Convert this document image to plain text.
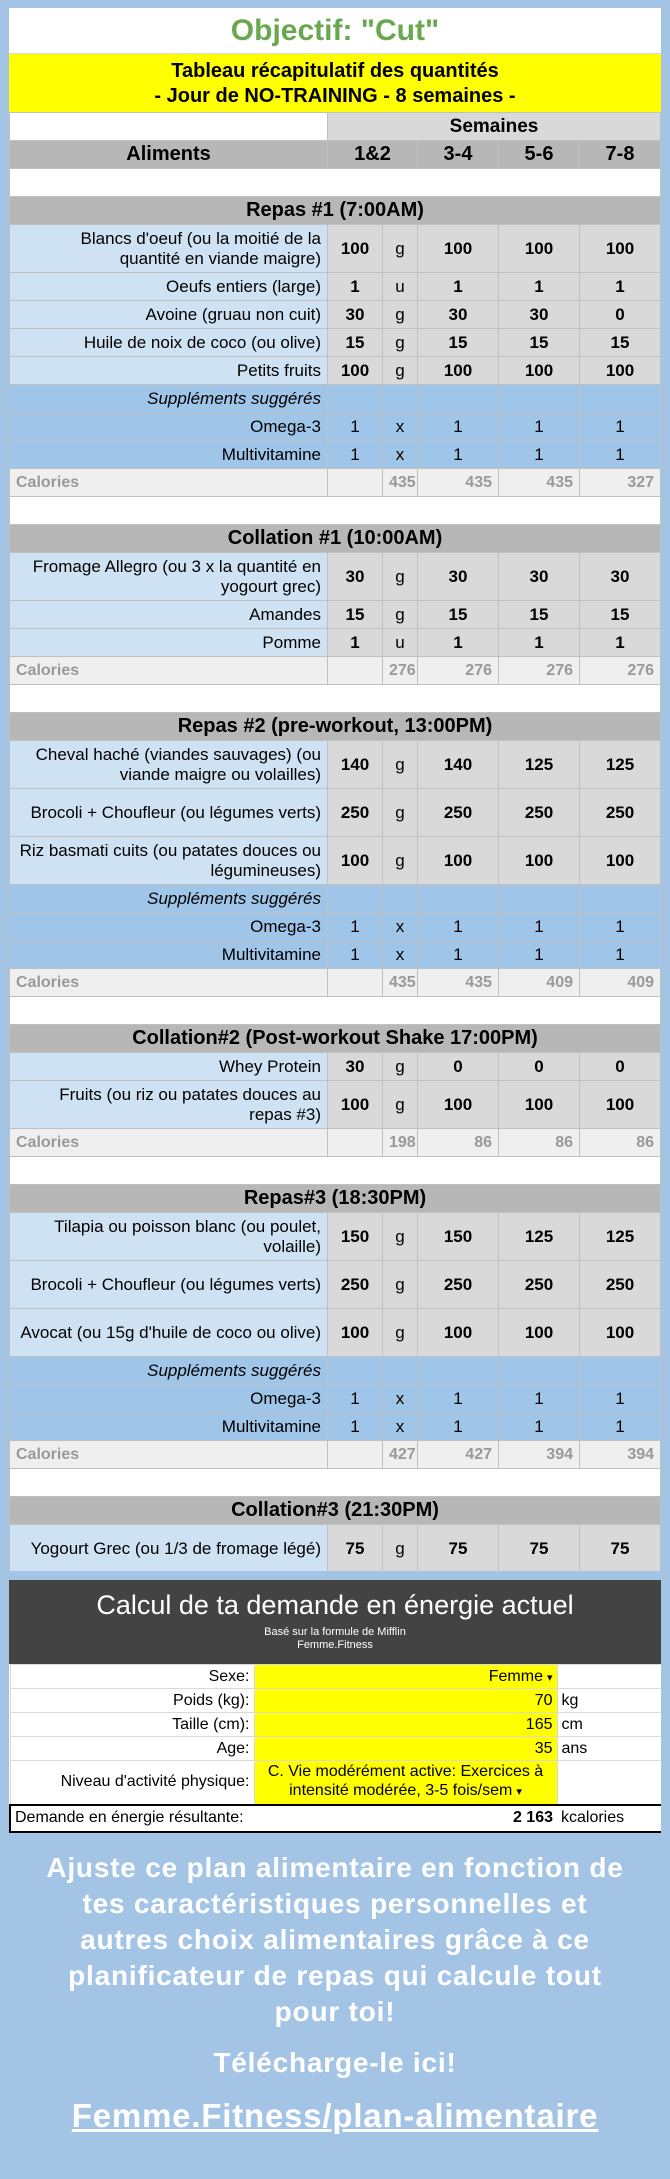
Objectif: "Cut"
Tableau récapitulatif des quantités
- Jour de NO-TRAINING - 8 semaines -
	Semaines				
Aliments	1&2		3-4	5-6	7-8

Repas #1 (7:00AM)					
Blancs d'oeuf (ou la moitié de la quantité en viande maigre)	100	g	100	100	100
Oeufs entiers (large)	1	u	1	1	1
Avoine (gruau non cuit)	30	g	30	30	0
Huile de noix de coco (ou olive)	15	g	15	15	15
Petits fruits	100	g	100	100	100
Suppléments suggérés					
Omega-3	1	x	1	1	1
Multivitamine	1	x	1	1	1
Calories		435	435	435	327

Collation #1 (10:00AM)					
Fromage Allegro (ou 3 x la quantité en yogourt grec)	30	g	30	30	30
Amandes	15	g	15	15	15
Pomme	1	u	1	1	1
Calories		276	276	276	276

Repas #2 (pre-workout, 13:00PM)					
Cheval haché (viandes sauvages) (ou viande maigre ou volailles)	140	g	140	125	125
Brocoli + Choufleur (ou légumes verts)	250	g	250	250	250
Riz basmati cuits (ou patates douces ou légumineuses)	100	g	100	100	100
Suppléments suggérés					
Omega-3	1	x	1	1	1
Multivitamine	1	x	1	1	1
Calories		435	435	409	409

Collation#2 (Post-workout Shake 17:00PM)					
Whey Protein	30	g	0	0	0
Fruits (ou riz ou patates douces au repas #3)	100	g	100	100	100
Calories		198	86	86	86

Repas#3 (18:30PM)					
Tilapia ou poisson blanc (ou poulet, volaille)	150	g	150	125	125
Brocoli + Choufleur (ou légumes verts)	250	g	250	250	250
Avocat (ou 15g d'huile de coco ou olive)	100	g	100	100	100
Suppléments suggérés					
Omega-3	1	x	1	1	1
Multivitamine	1	x	1	1	1
Calories		427	427	394	394

Collation#3 (21:30PM)					
Yogourt Grec (ou 1/3 de fromage légé)	75	g	75	75	75

Calcul de ta demande en énergie actuel
Basé sur la formule de Mifflin
Femme.Fitness
Sexe:	Femme ▾	
Poids (kg):	70	kg
Taille (cm):	165	cm
Age:	35	ans
Niveau d'activité physique:	C. Vie modérément active: Exercices à intensité modérée, 3-5 fois/sem ▾	
Demande en énergie résultante:	2 163	kcalories
Ajuste ce plan alimentaire en fonction de tes caractéristiques personnelles et autres choix alimentaires grâce à ce planificateur de repas qui calcule tout pour toi!
Télécharge-le ici!
Femme.Fitness/plan-alimentaire
